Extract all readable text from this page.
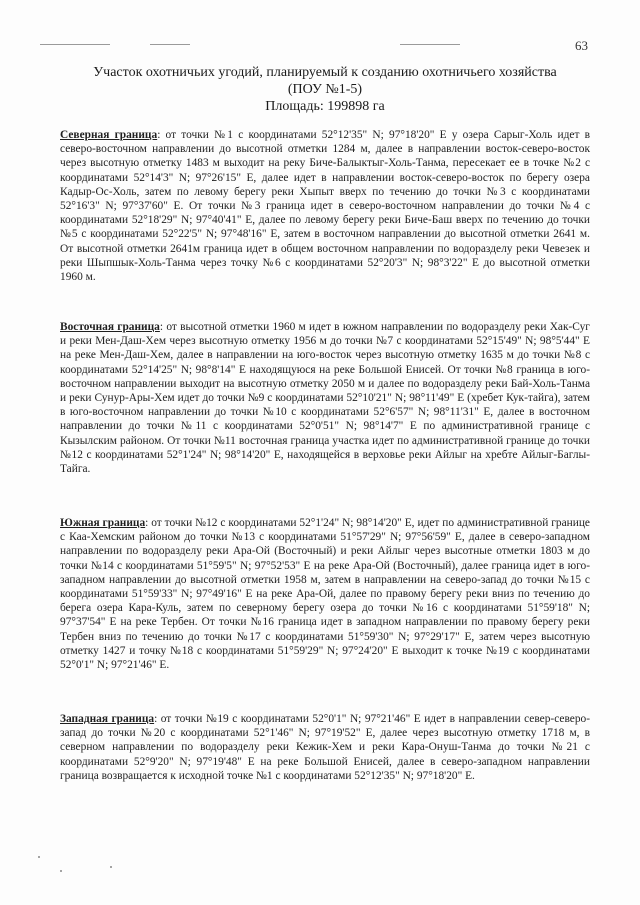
63
Участок охотничьих угодий, планируемый к созданию охотничьего хозяйства
(ПОУ №1-5)
Площадь: 199898 га
Северная граница: от точки №1 с координатами 52°12'35" N; 97°18'20" E у озера Сарыг-Холь идет в северо-восточном направлении до высотной отметки 1284 м, далее в направлении восток-северо-восток через высотную отметку 1483 м выходит на реку Биче-Балыктыг-Холь-Танма, пересекает ее в точке №2 с координатами 52°14'3" N; 97°26'15" E, далее идет в направлении восток-северо-восток по берегу озера Кадыр-Ос-Холь, затем по левому берегу реки Хыпыт вверх по течению до точки №3 с координатами 52°16'3" N; 97°37'60" E. От точки №3 граница идет в северо-восточном направлении до точки №4 с координатами 52°18'29" N; 97°40'41" E, далее по левому берегу реки Биче-Баш вверх по течению до точки №5 с координатами 52°22'5" N; 97°48'16" E, затем в восточном направлении до высотной отметки 2641 м. От высотной отметки 2641м граница идет в общем восточном направлении по водоразделу реки Чевезек и реки Шыпшык-Холь-Танма через точку №6 с координатами 52°20'3" N; 98°3'22" E до высотной отметки 1960 м.
Восточная граница: от высотной отметки 1960 м идет в южном направлении по водоразделу реки Хак-Суг и реки Мен-Даш-Хем через высотную отметку 1956 м до точки №7 с координатами 52°15'49" N; 98°5'44" E на реке Мен-Даш-Хем, далее в направлении на юго-восток через высотную отметку 1635 м до точки №8 с координатами 52°14'25" N; 98°8'14" E находящуюся на реке Большой Енисей. От точки №8 граница в юго-восточном направлении выходит на высотную отметку 2050 м и далее по водоразделу реки Бай-Холь-Танма и реки Сунур-Ары-Хем идет до точки №9 с координатами 52°10'21" N; 98°11'49" E (хребет Кук-тайга), затем в юго-восточном направлении до точки №10 с координатами 52°6'57" N; 98°11'31" E, далее в восточном направлении до точки №11 с координатами 52°0'51" N; 98°14'7" E по административной границе с Кызылским районом. От точки №11 восточная граница участка идет по административной границе до точки №12 с координатами 52°1'24" N; 98°14'20" E, находящейся в верховье реки Айлыг на хребте Айлыг-Баглы-Тайга.
Южная граница: от точки №12 с координатами 52°1'24" N; 98°14'20" E, идет по административной границе с Каа-Хемским районом до точки №13 с координатами 51°57'29" N; 97°56'59" E, далее в северо-западном направлении по водоразделу реки Ара-Ой (Восточный) и реки Айлыг через высотные отметки 1803 м до точки №14 с координатами 51°59'5" N; 97°52'53" E на реке Ара-Ой (Восточный), далее граница идет в юго-западном направлении до высотной отметки 1958 м, затем в направлении на северо-запад до точки №15 с координатами 51°59'33" N; 97°49'16" E на реке Ара-Ой, далее по правому берегу реки вниз по течению до берега озера Кара-Куль, затем по северному берегу озера до точки №16 с координатами 51°59'18" N; 97°37'54" E на реке Тербен. От точки №16 граница идет в западном направлении по правому берегу реки Тербен вниз по течению до точки №17 с координатами 51°59'30" N; 97°29'17" E, затем через высотную отметку 1427 и точку №18 с координатами 51°59'29" N; 97°24'20" E выходит к точке №19 с координатами 52°0'1" N; 97°21'46" E.
Западная граница: от точки №19 с координатами 52°0'1" N; 97°21'46" E идет в направлении север-северо-запад до точки №20 с координатами 52°1'46" N; 97°19'52" E, далее через высотную отметку 1718 м, в северном направлении по водоразделу реки Кежик-Хем и реки Кара-Онуш-Танма до точки №21 с координатами 52°9'20" N; 97°19'48" E на реке Большой Енисей, далее в северо-западном направлении граница возвращается к исходной точке №1 с координатами 52°12'35" N; 97°18'20" E.
